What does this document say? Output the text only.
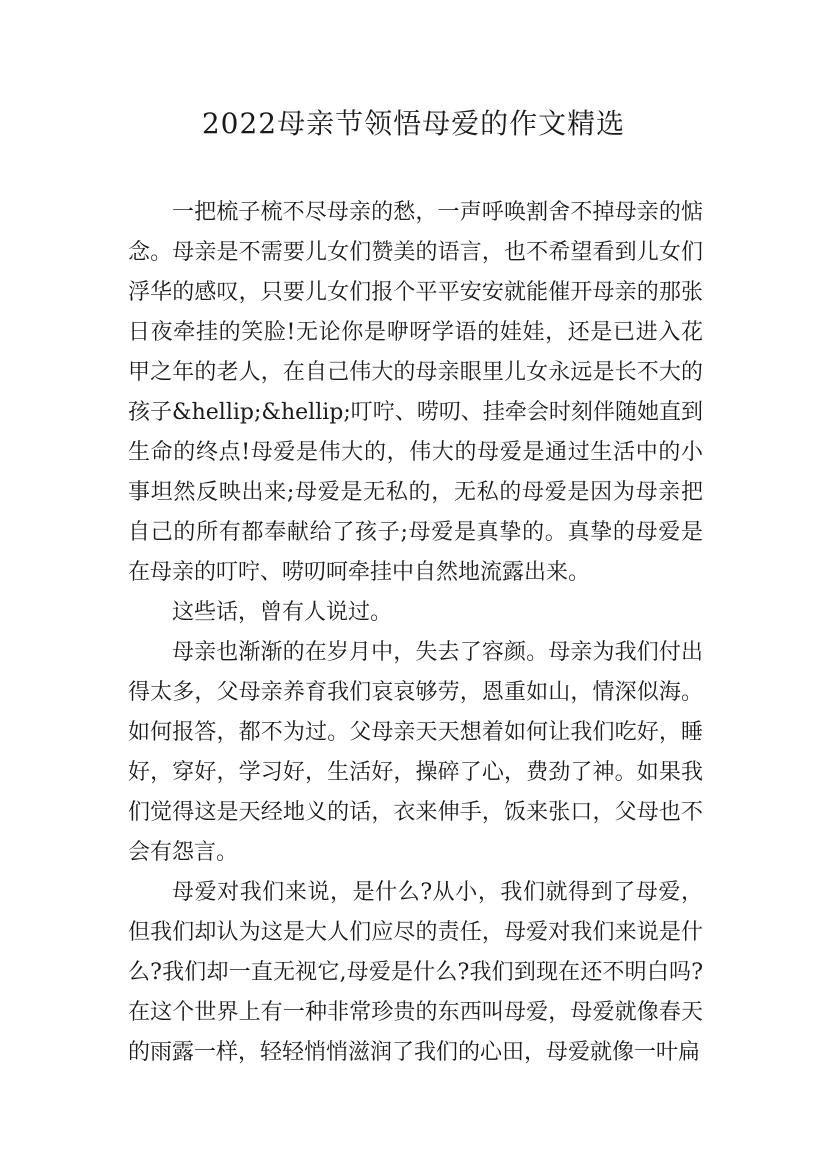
2022母亲节领悟母爱的作文精选

一把梳子梳不尽母亲的愁，一声呼唤割舍不掉母亲的惦念。母亲是不需要儿女们赞美的语言，也不希望看到儿女们浮华的感叹，只要儿女们报个平平安安就能催开母亲的那张日夜牵挂的笑脸!无论你是咿呀学语的娃娃，还是已进入花甲之年的老人，在自己伟大的母亲眼里儿女永远是长不大的孩子&hellip;&hellip;叮咛、唠叨、挂牵会时刻伴随她直到生命的终点!母爱是伟大的，伟大的母爱是通过生活中的小事坦然反映出来;母爱是无私的，无私的母爱是因为母亲把自己的所有都奉献给了孩子;母爱是真挚的。真挚的母爱是在母亲的叮咛、唠叨呵牵挂中自然地流露出来。

这些话，曾有人说过。

母亲也渐渐的在岁月中，失去了容颜。母亲为我们付出得太多，父母亲养育我们哀哀够劳，恩重如山，情深似海。如何报答，都不为过。父母亲天天想着如何让我们吃好，睡好，穿好，学习好，生活好，操碎了心，费劲了神。如果我们觉得这是天经地义的话，衣来伸手，饭来张口，父母也不会有怨言。

母爱对我们来说，是什么?从小，我们就得到了母爱，但我们却认为这是大人们应尽的责任，母爱对我们来说是什么?我们却一直无视它,母爱是什么?我们到现在还不明白吗?在这个世界上有一种非常珍贵的东西叫母爱，母爱就像春天的雨露一样，轻轻悄悄滋润了我们的心田，母爱就像一叶扁
